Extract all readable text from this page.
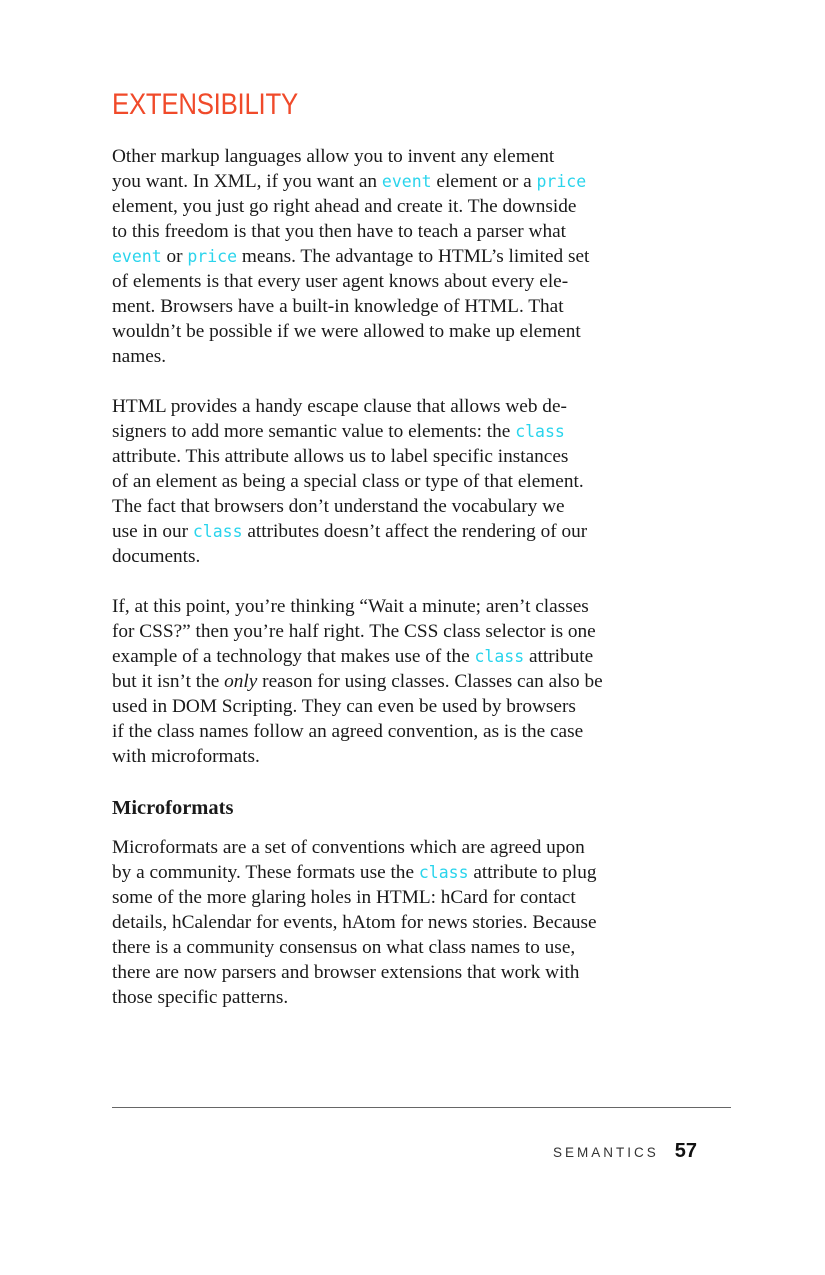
EXTENSIBILITY

Other markup languages allow you to invent any element
you want. In XML, if you want an event element or a price
element, you just go right ahead and create it. The downside
to this freedom is that you then have to teach a parser what
event or price means. The advantage to HTML’s limited set
of elements is that every user agent knows about every ele-
ment. Browsers have a built-in knowledge of HTML. That
wouldn’t be possible if we were allowed to make up element
names.

HTML provides a handy escape clause that allows web de-
signers to add more semantic value to elements: the class
attribute. This attribute allows us to label specific instances
of an element as being a special class or type of that element.
The fact that browsers don’t understand the vocabulary we
use in our class attributes doesn’t affect the rendering of our
documents.

If, at this point, you’re thinking “Wait a minute; aren’t classes
for CSS?” then you’re half right. The CSS class selector is one
example of a technology that makes use of the class attribute
but it isn’t the only reason for using classes. Classes can also be
used in DOM Scripting. They can even be used by browsers
if the class names follow an agreed convention, as is the case
with microformats.

Microformats

Microformats are a set of conventions which are agreed upon
by a community. These formats use the class attribute to plug
some of the more glaring holes in HTML: hCard for contact
details, hCalendar for events, hAtom for news stories. Because
there is a community consensus on what class names to use,
there are now parsers and browser extensions that work with
those specific patterns.

SEMANTICS 57
